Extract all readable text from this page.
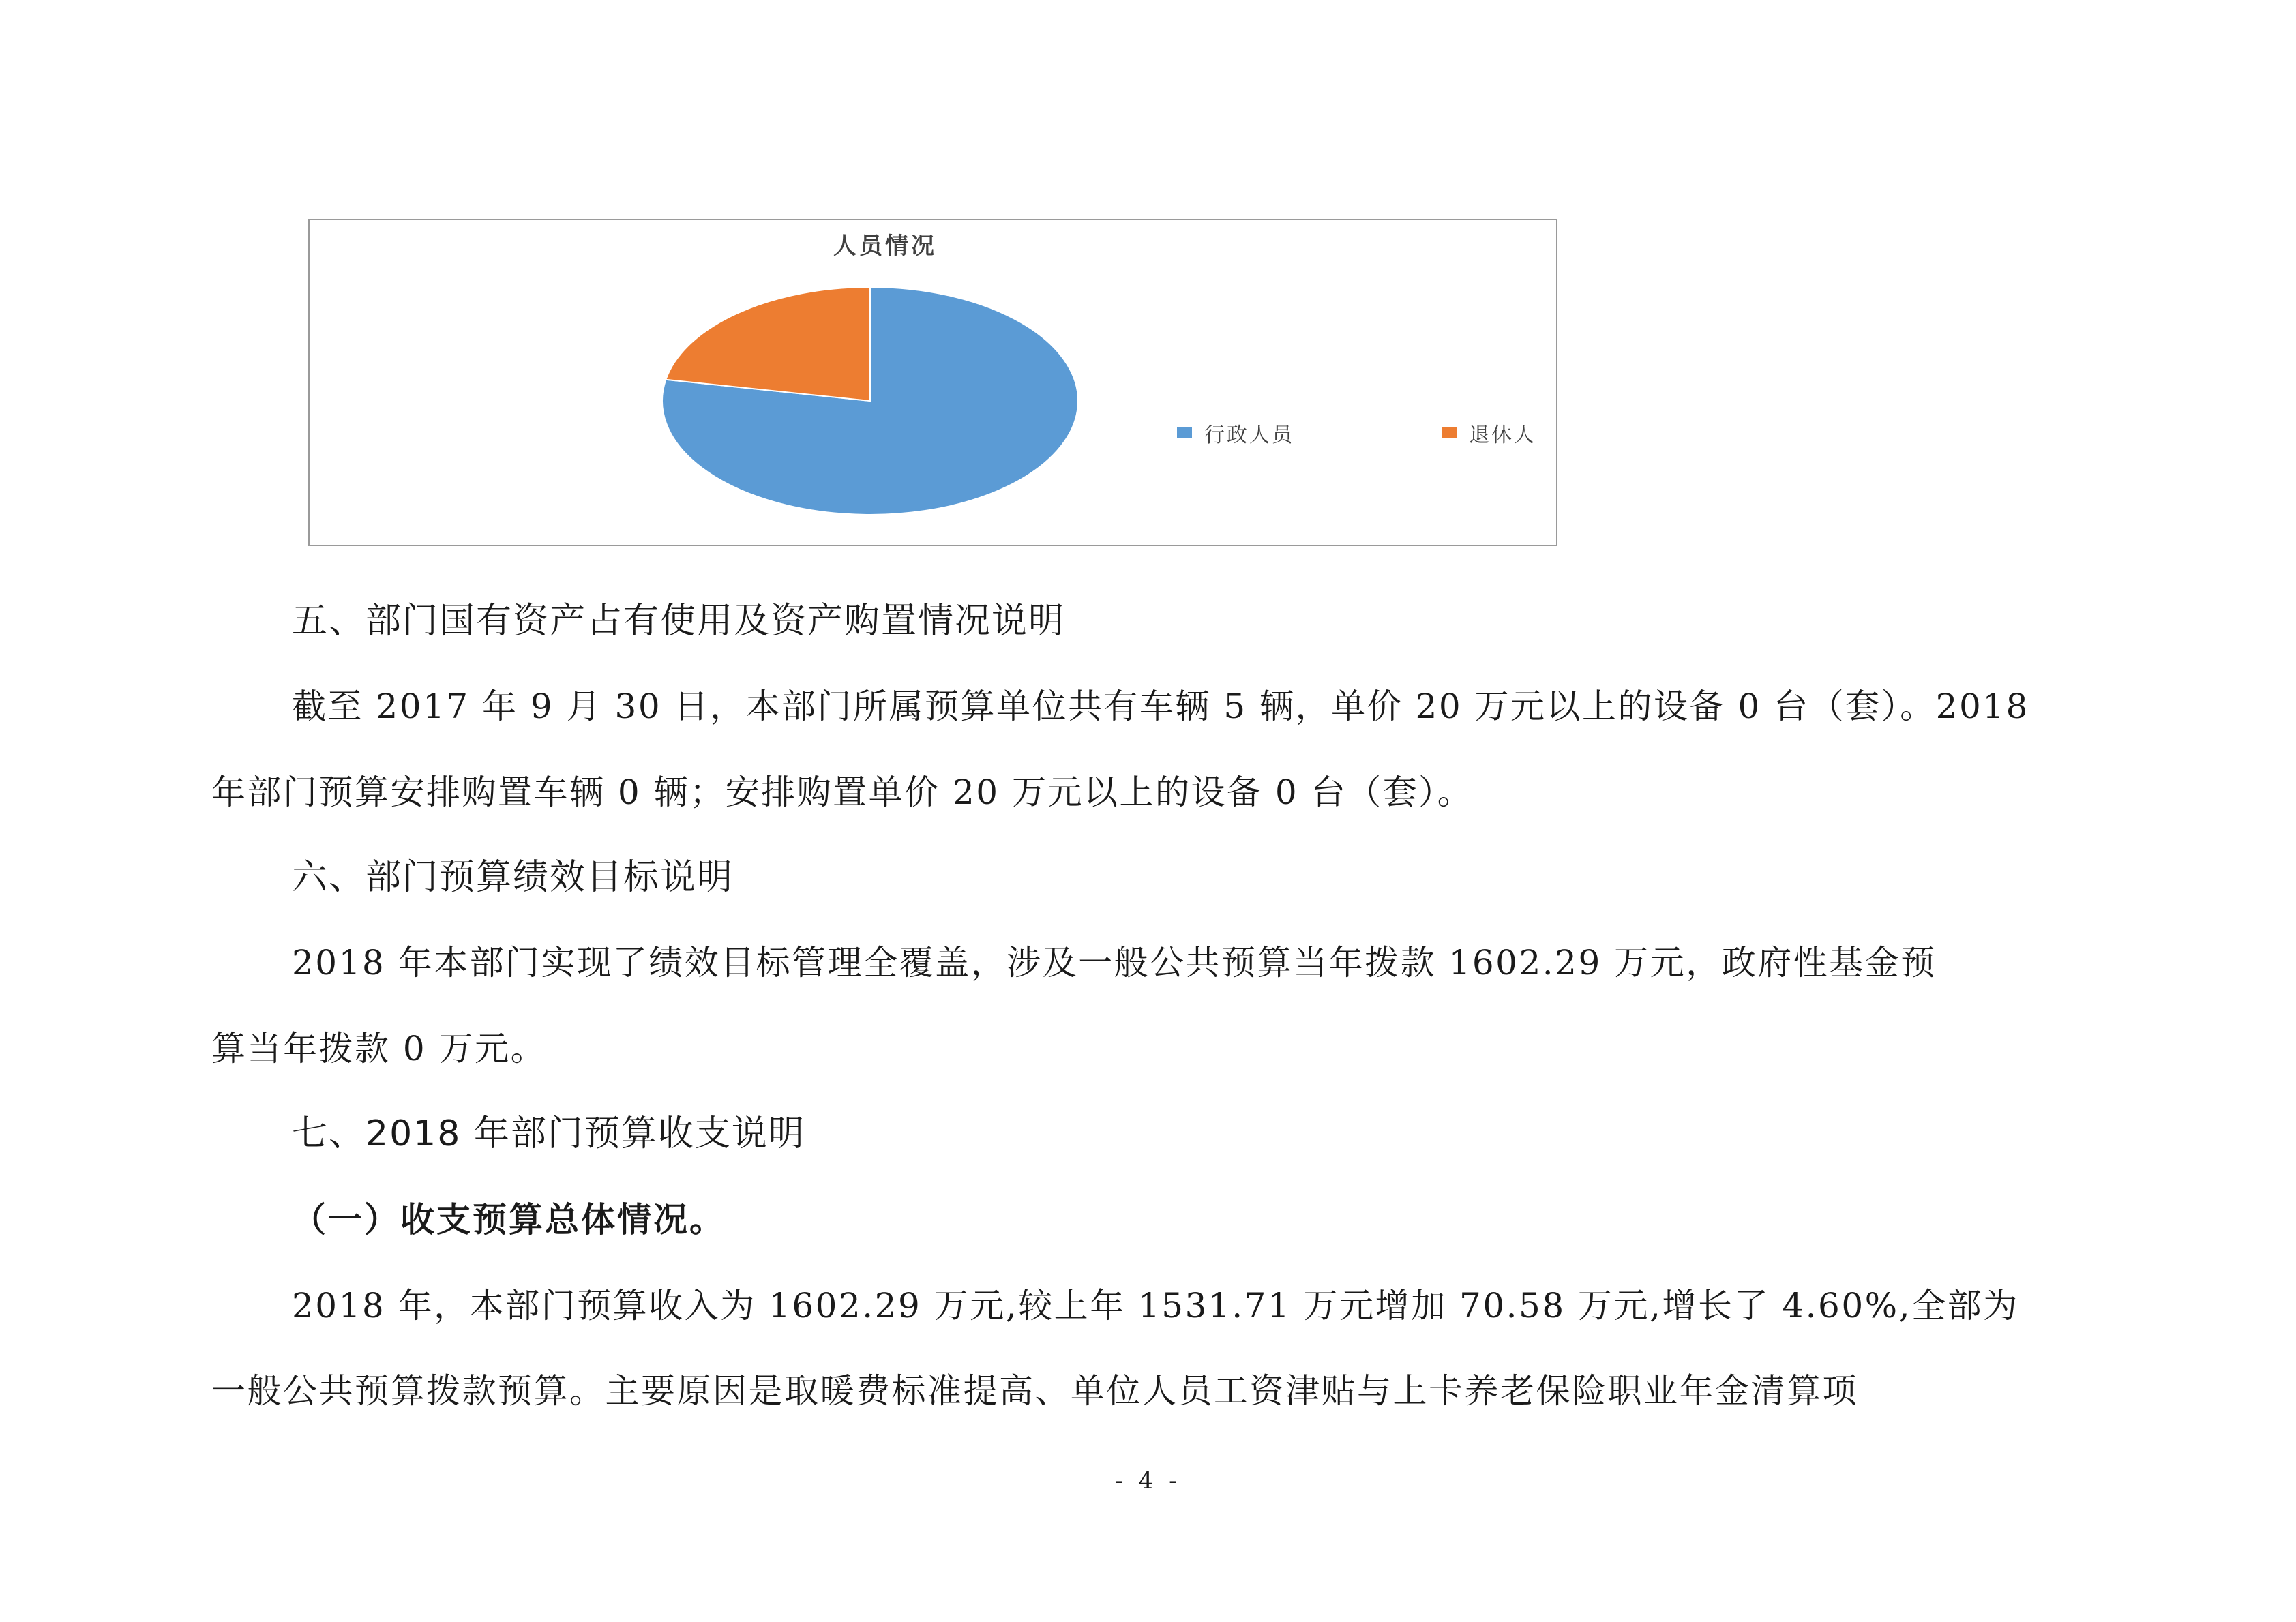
人员情况
行政人员	退休人
五、部门国有资产占有使用及资产购置情况说明
截至 2017 年 9 月 30 日，本部门所属预算单位共有车辆 5 辆，单价 20 万元以上的设备 0 台（套）。2018
年部门预算安排购置车辆 0 辆；安排购置单价 20 万元以上的设备 0 台（套）。
六、部门预算绩效目标说明
2018 年本部门实现了绩效目标管理全覆盖，涉及一般公共预算当年拨款 1602.29 万元，政府性基金预
算当年拨款 0 万元。
七、2018 年部门预算收支说明
（一）收支预算总体情况。
2018 年，本部门预算收入为 1602.29 万元,较上年 1531.71 万元增加 70.58 万元,增长了 4.60%,全部为
一般公共预算拨款预算。主要原因是取暖费标准提高、单位人员工资津贴与上卡养老保险职业年金清算项
- 4 -
